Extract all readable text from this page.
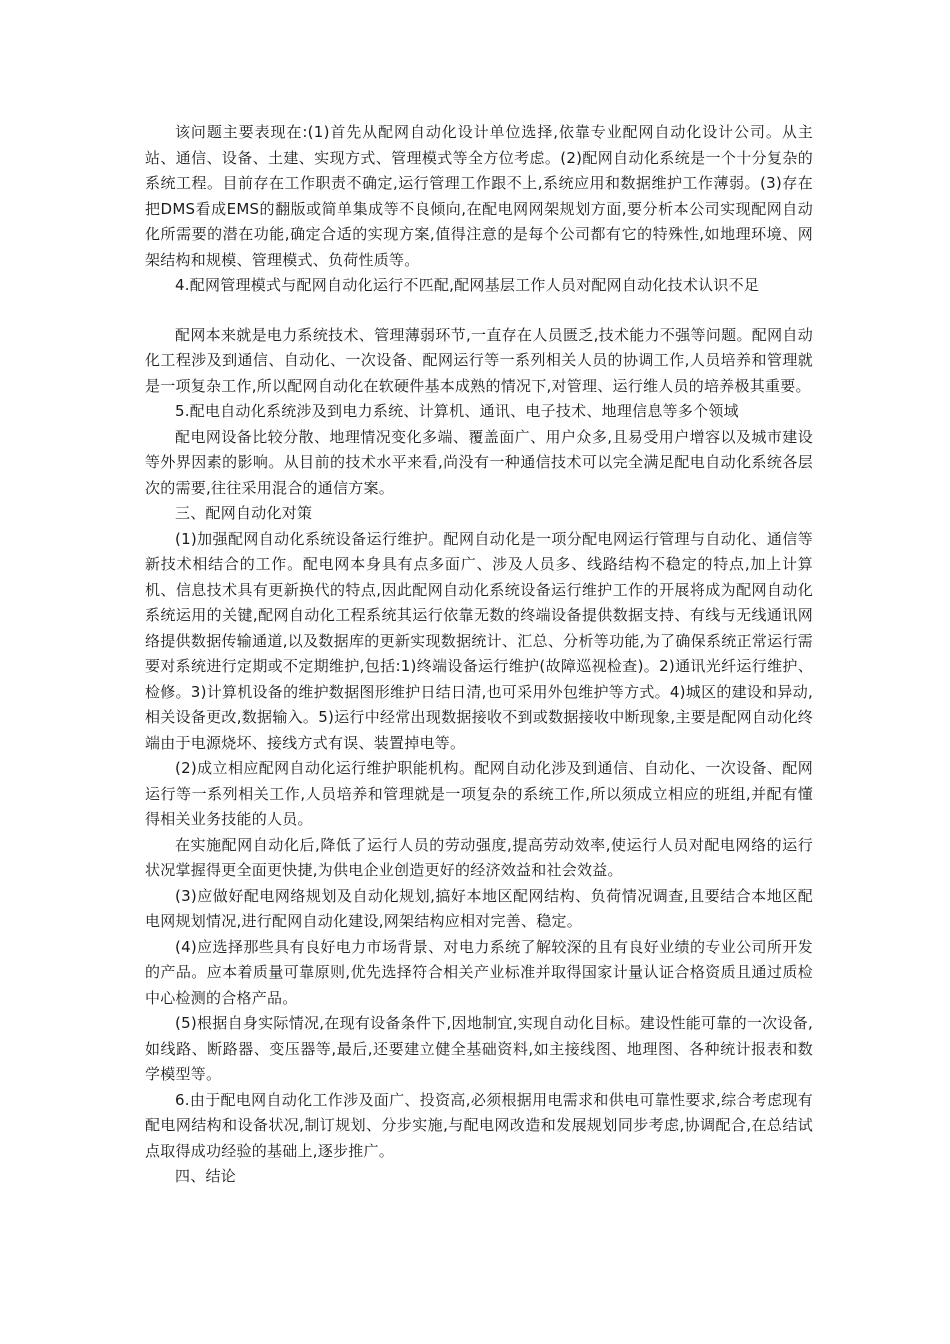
该问题主要表现在:(1)首先从配网自动化设计单位选择,依靠专业配网自动化设计公司。从主站、通信、设备、土建、实现方式、管理模式等全方位考虑。(2)配网自动化系统是一个十分复杂的系统工程。目前存在工作职责不确定,运行管理工作跟不上,系统应用和数据维护工作薄弱。(3)存在把DMS看成EMS的翻版或简单集成等不良倾向,在配电网网架规划方面,要分析本公司实现配网自动化所需要的潜在功能,确定合适的实现方案,值得注意的是每个公司都有它的特殊性,如地理环境、网架结构和规模、管理模式、负荷性质等。

4.配网管理模式与配网自动化运行不匹配,配网基层工作人员对配网自动化技术认识不足

配网本来就是电力系统技术、管理薄弱环节,一直存在人员匮乏,技术能力不强等问题。配网自动化工程涉及到通信、自动化、一次设备、配网运行等一系列相关人员的协调工作,人员培养和管理就是一项复杂工作,所以配网自动化在软硬件基本成熟的情况下,对管理、运行维人员的培养极其重要。

5.配电自动化系统涉及到电力系统、计算机、通讯、电子技术、地理信息等多个领域

配电网设备比较分散、地理情况变化多端、覆盖面广、用户众多,且易受用户增容以及城市建设等外界因素的影响。从目前的技术水平来看,尚没有一种通信技术可以完全满足配电自动化系统各层次的需要,往往采用混合的通信方案。

三、配网自动化对策

(1)加强配网自动化系统设备运行维护。配网自动化是一项分配电网运行管理与自动化、通信等新技术相结合的工作。配电网本身具有点多面广、涉及人员多、线路结构不稳定的特点,加上计算机、信息技术具有更新换代的特点,因此配网自动化系统设备运行维护工作的开展将成为配网自动化系统运用的关键,配网自动化工程系统其运行依靠无数的终端设备提供数据支持、有线与无线通讯网络提供数据传输通道,以及数据库的更新实现数据统计、汇总、分析等功能,为了确保系统正常运行需要对系统进行定期或不定期维护,包括:1)终端设备运行维护(故障巡视检查)。2)通讯光纤运行维护、检修。3)计算机设备的维护数据图形维护日结日清,也可采用外包维护等方式。4)城区的建设和异动,相关设备更改,数据输入。5)运行中经常出现数据接收不到或数据接收中断现象,主要是配网自动化终端由于电源烧坏、接线方式有误、装置掉电等。

(2)成立相应配网自动化运行维护职能机构。配网自动化涉及到通信、自动化、一次设备、配网运行等一系列相关工作,人员培养和管理就是一项复杂的系统工作,所以须成立相应的班组,并配有懂得相关业务技能的人员。

在实施配网自动化后,降低了运行人员的劳动强度,提高劳动效率,使运行人员对配电网络的运行状况掌握得更全面更快捷,为供电企业创造更好的经济效益和社会效益。

(3)应做好配电网络规划及自动化规划,搞好本地区配网结构、负荷情况调查,且要结合本地区配电网规划情况,进行配网自动化建设,网架结构应相对完善、稳定。

(4)应选择那些具有良好电力市场背景、对电力系统了解较深的且有良好业绩的专业公司所开发的产品。应本着质量可靠原则,优先选择符合相关产业标准并取得国家计量认证合格资质且通过质检中心检测的合格产品。

(5)根据自身实际情况,在现有设备条件下,因地制宜,实现自动化目标。建设性能可靠的一次设备,如线路、断路器、变压器等,最后,还要建立健全基础资料,如主接线图、地理图、各种统计报表和数学模型等。

6.由于配电网自动化工作涉及面广、投资高,必须根据用电需求和供电可靠性要求,综合考虑现有配电网结构和设备状况,制订规划、分步实施,与配电网改造和发展规划同步考虑,协调配合,在总结试点取得成功经验的基础上,逐步推广。

四、结论
